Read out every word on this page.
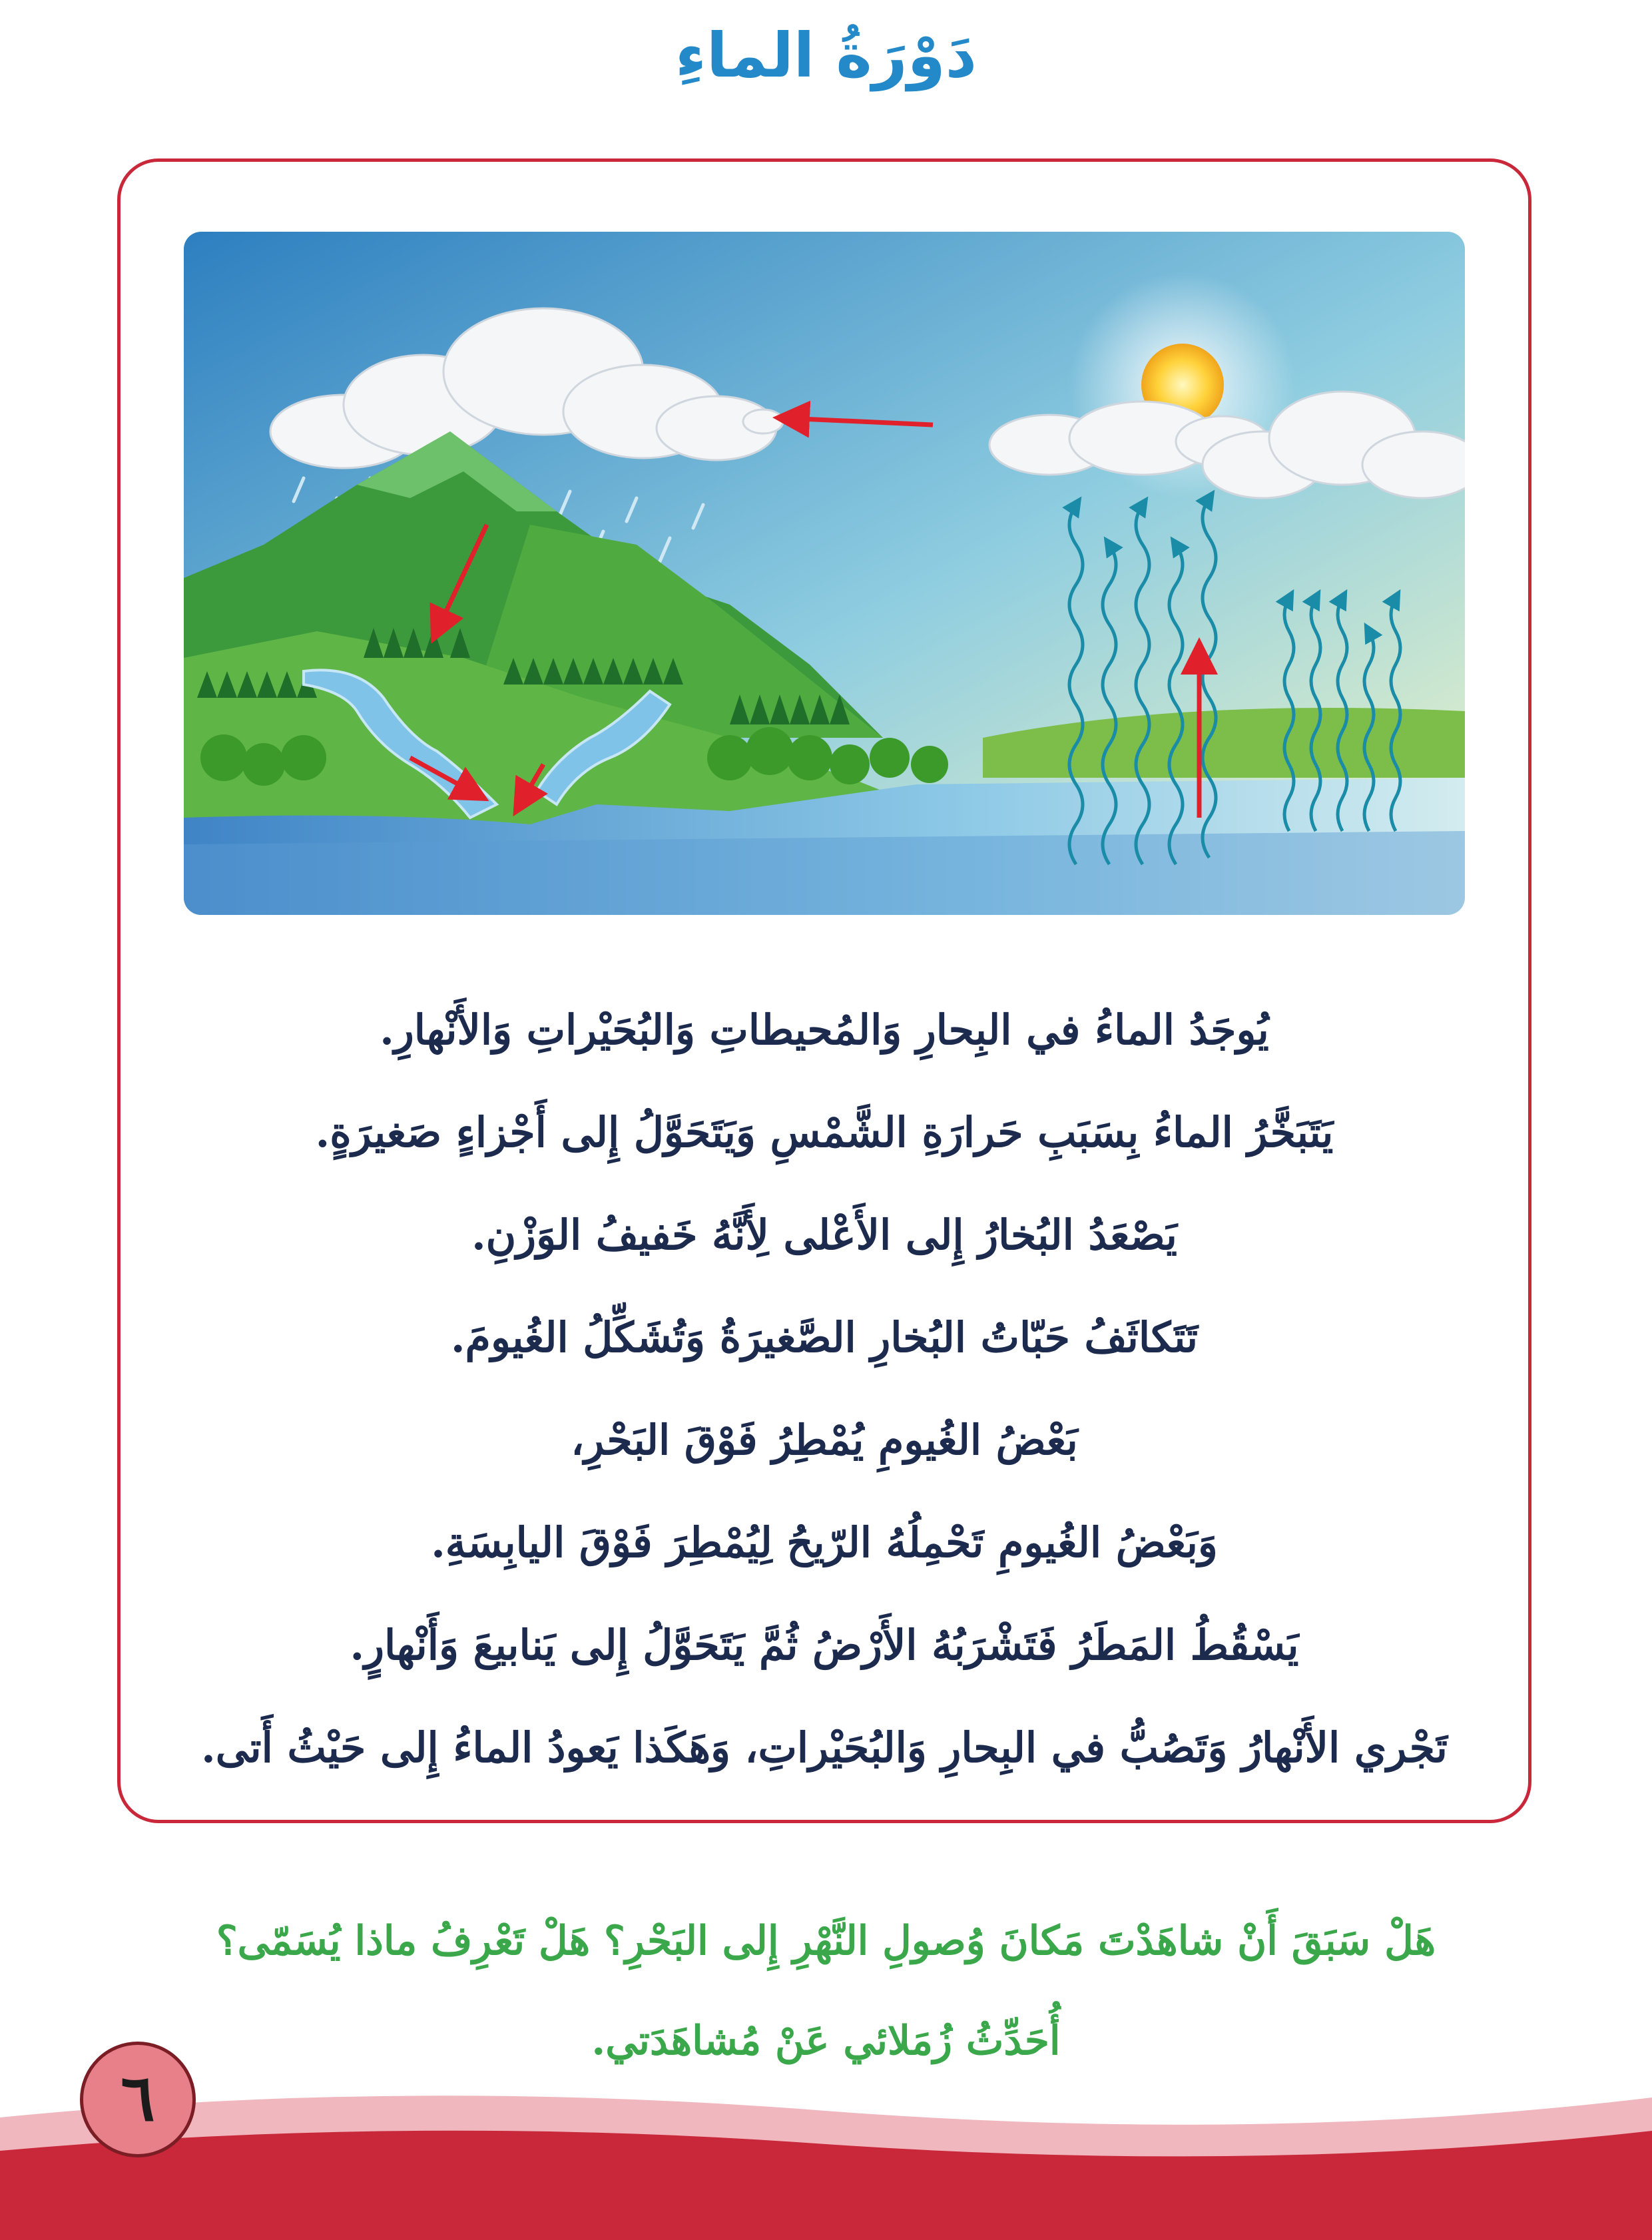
دَوْرَةُ الماءِ
يُوجَدُ الماءُ في البِحارِ وَالمُحيطاتِ وَالبُحَيْراتِ وَالأَنْهارِ.
يَتَبَخَّرُ الماءُ بِسَبَبِ حَرارَةِ الشَّمْسِ وَيَتَحَوَّلُ إِلى أَجْزاءٍ صَغيرَةٍ.
يَصْعَدُ البُخارُ إِلى الأَعْلى لِأَنَّهُ خَفيفُ الوَزْنِ.
تَتَكاثَفُ حَبّاتُ البُخارِ الصَّغيرَةُ وَتُشَكِّلُ الغُيومَ.
بَعْضُ الغُيومِ يُمْطِرُ فَوْقَ البَحْرِ،
وَبَعْضُ الغُيومِ تَحْمِلُهُ الرّيحُ لِيُمْطِرَ فَوْقَ اليابِسَةِ.
يَسْقُطُ المَطَرُ فَتَشْرَبُهُ الأَرْضُ ثُمَّ يَتَحَوَّلُ إِلى يَنابيعَ وَأَنْهارٍ.
تَجْري الأَنْهارُ وَتَصُبُّ في البِحارِ وَالبُحَيْراتِ، وَهَكَذا يَعودُ الماءُ إِلى حَيْثُ أَتى.
هَلْ سَبَقَ أَنْ شاهَدْتَ مَكانَ وُصولِ النَّهْرِ إِلى البَحْرِ؟ هَلْ تَعْرِفُ ماذا يُسَمّى؟
أُحَدِّثُ زُمَلائي عَنْ مُشاهَدَتي.
٦
